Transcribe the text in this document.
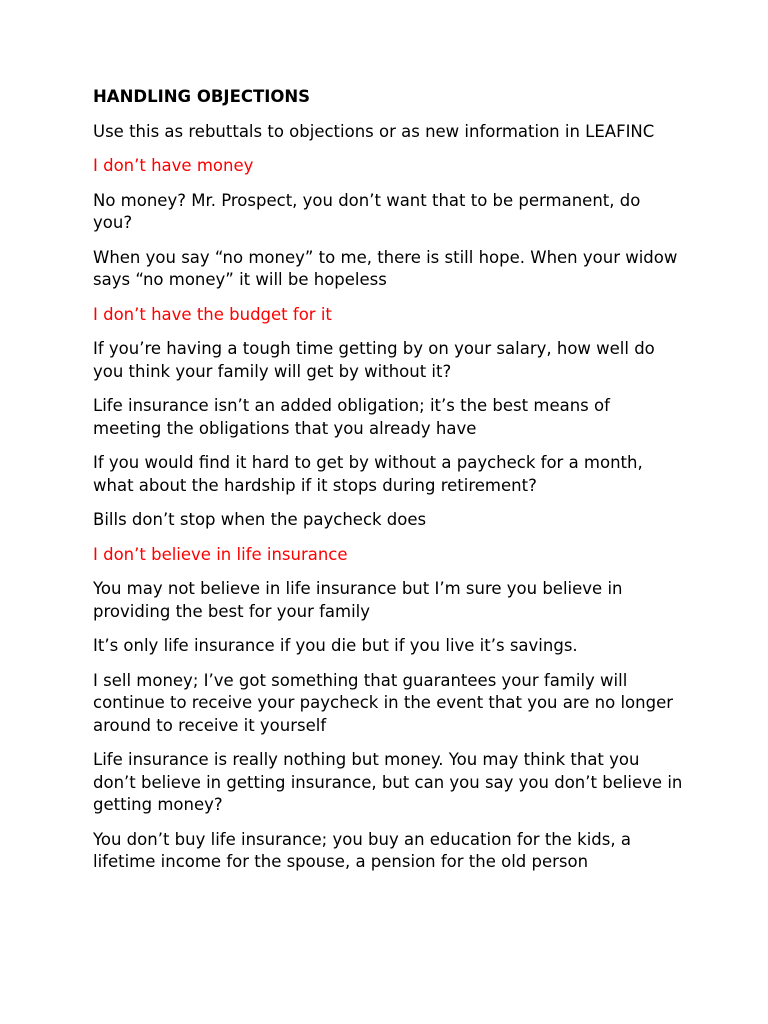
HANDLING OBJECTIONS

Use this as rebuttals to objections or as new information in LEAFINC

I don’t have money

No money? Mr. Prospect, you don’t want that to be permanent, do you?

When you say “no money” to me, there is still hope. When your widow says “no money” it will be hopeless

I don’t have the budget for it

If you’re having a tough time getting by on your salary, how well do you think your family will get by without it?

Life insurance isn’t an added obligation; it’s the best means of meeting the obligations that you already have

If you would find it hard to get by without a paycheck for a month, what about the hardship if it stops during retirement?

Bills don’t stop when the paycheck does

I don’t believe in life insurance

You may not believe in life insurance but I’m sure you believe in providing the best for your family

It’s only life insurance if you die but if you live it’s savings.

I sell money; I’ve got something that guarantees your family will continue to receive your paycheck in the event that you are no longer around to receive it yourself

Life insurance is really nothing but money. You may think that you don’t believe in getting insurance, but can you say you don’t believe in getting money?

You don’t buy life insurance; you buy an education for the kids, a lifetime income for the spouse, a pension for the old person
